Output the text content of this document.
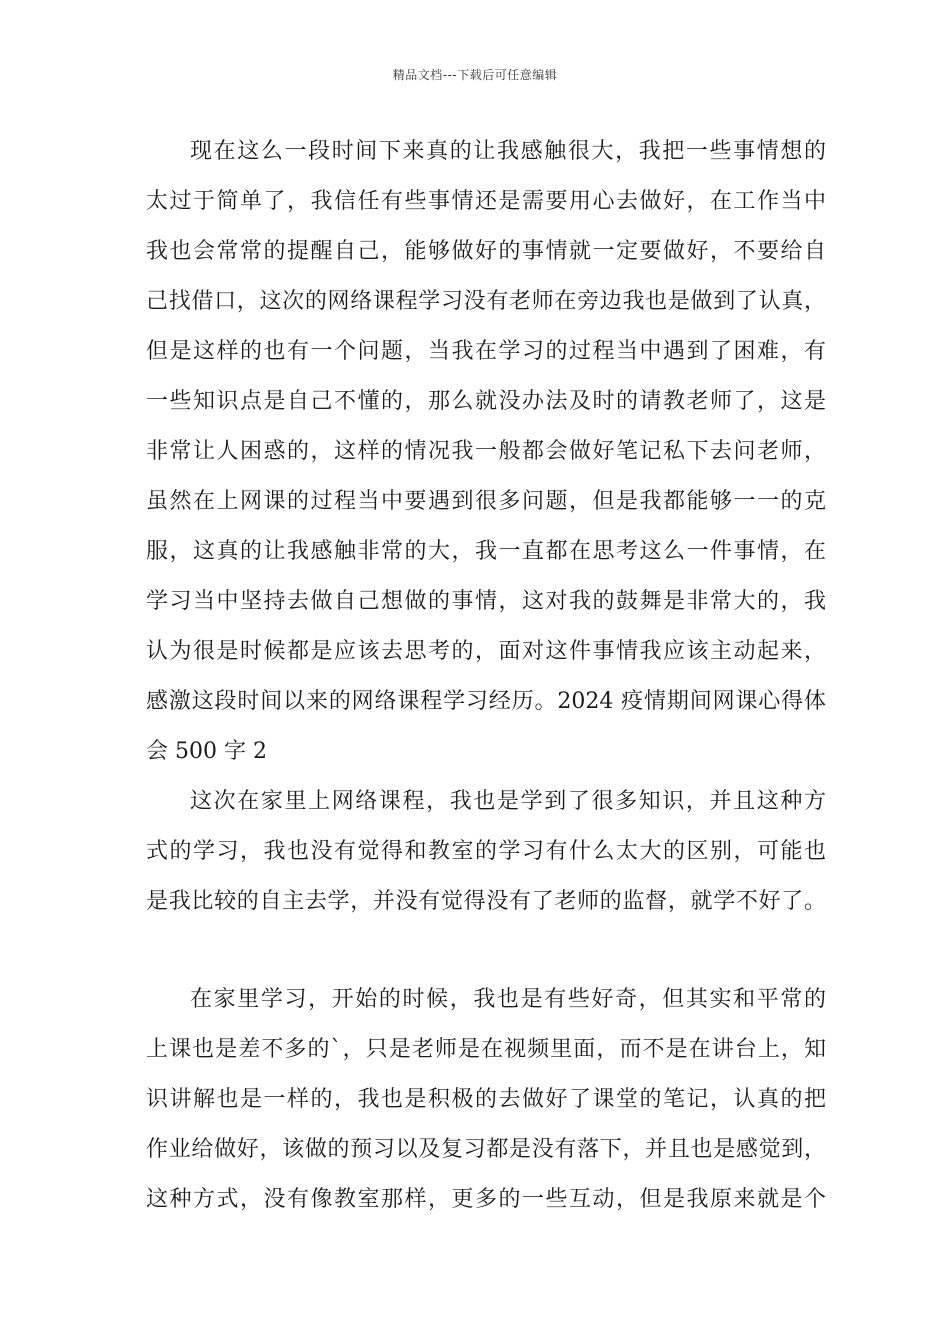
精品文档---下载后可任意编辑
现在这么一段时间下来真的让我感触很大，我把一些事情想的
太过于简单了，我信任有些事情还是需要用心去做好，在工作当中
我也会常常的提醒自己，能够做好的事情就一定要做好，不要给自
己找借口，这次的网络课程学习没有老师在旁边我也是做到了认真，
但是这样的也有一个问题，当我在学习的过程当中遇到了困难，有
一些知识点是自己不懂的，那么就没办法及时的请教老师了，这是
非常让人困惑的，这样的情况我一般都会做好笔记私下去问老师，
虽然在上网课的过程当中要遇到很多问题，但是我都能够一一的克
服，这真的让我感触非常的大，我一直都在思考这么一件事情，在
学习当中坚持去做自己想做的事情，这对我的鼓舞是非常大的，我
认为很是时候都是应该去思考的，面对这件事情我应该主动起来，
感激这段时间以来的网络课程学习经历。2024 疫情期间网课心得体
会 500 字 2
这次在家里上网络课程，我也是学到了很多知识，并且这种方
式的学习，我也没有觉得和教室的学习有什么太大的区别，可能也
是我比较的自主去学，并没有觉得没有了老师的监督，就学不好了。
在家里学习，开始的时候，我也是有些好奇，但其实和平常的
上课也是差不多的`，只是老师是在视频里面，而不是在讲台上，知
识讲解也是一样的，我也是积极的去做好了课堂的笔记，认真的把
作业给做好，该做的预习以及复习都是没有落下，并且也是感觉到，
这种方式，没有像教室那样，更多的一些互动，但是我原来就是个
